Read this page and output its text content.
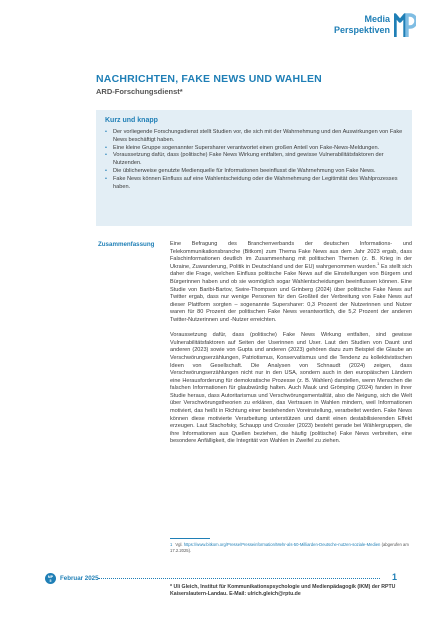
Media
Perspektiven
NACHRICHTEN, FAKE NEWS UND WAHLEN
ARD-Forschungsdienst*
Kurz und knapp
• Der vorliegende Forschungsdienst stellt Studien vor, die sich mit der Wahrnehmung und den Auswirkungen von Fake News beschäftigt haben.
• Eine kleine Gruppe sogenannter Supersharer verantwortet einen großen Anteil von Fake-News-Meldungen.
• Voraussetzung dafür, dass (politische) Fake News Wirkung entfalten, sind gewisse Vulnerabilitätsfaktoren der Nutzenden.
• Die üblicherweise genutzte Medienquelle für Informationen beeinflusst die Wahrnehmung von Fake News.
• Fake News können Einfluss auf eine Wahlentscheidung oder die Wahrnehmung der Legitimität des Wahlprozesses haben.
Zusammenfassung	Eine Befragung des Branchenverbands der deutschen Informations- und Telekommunikationsbranche (Bitkom) zum Thema Fake News aus dem Jahr 2023 ergab, dass Falschinformationen deutlich im Zusammenhang mit politischen Themen (z. B. Krieg in der Ukraine, Zuwanderung, Politik in Deutschland und der EU) wahrgenommen wurden.$^1$ Es stellt sich daher die Frage, welchen Einfluss politische Fake News auf die Einstellungen von Bürgern und Bürgerinnen haben und ob sie womöglich sogar Wahlentscheidungen beeinflussen können. Eine Studie von Baribi-Bartov, Swire-Thompson und Grinberg (2024) über politische Fake News auf Twitter ergab, dass nur wenige Personen für den Großteil der Verbreitung von Fake News auf dieser Plattform sorgten – sogenannte Supersharer: 0,3 Prozent der Nutzerinnen und Nutzer waren für 80 Prozent der politischen Fake News verantwortlich, die 5,2 Prozent der anderen Twitter-Nutzerinnen und -Nutzer erreichten.

Voraussetzung dafür, dass (politische) Fake News Wirkung entfalten, sind gewisse Vulnerabilitätsfaktoren auf Seiten der Userinnen und User. Laut den Studien von Daunt und anderen (2023) sowie von Gupta und anderen (2023) gehören dazu zum Beispiel die Glaube an Verschwörungserzählungen, Patriotismus, Konservatismus und die Tendenz zu kollektivistischen Ideen von Gesellschaft. Die Analysen von Schnaudt (2024) zeigen, dass Verschwörungserzählungen nicht nur in den USA, sondern auch in den europäischen Ländern eine Herausforderung für demokratische Prozesse (z. B. Wahlen) darstellen, wenn Menschen die falschen Informationen für glaubwürdig halten. Auch Mauk und Grömping (2024) fanden in ihrer Studie heraus, dass Autoritarismus und Verschwörungsmentalität, also die Neigung, sich die Welt über Verschwörungstheorien zu erklären, das Vertrauen in Wahlen mindern, weil Informationen motiviert, das heißt in Richtung einer bestehenden Voreinstellung, verarbeitet werden. Fake News können diese motivierte Verarbeitung unterstützen und damit einen destabilisierenden Effekt erzeugen. Laut Stachofsky, Schaupp und Crossler (2023) besteht gerade bei Wählergruppen, die ihre Informationen aus Quellen beziehen, die häufig (politische) Fake News verbreiten, eine besondere Anfälligkeit, die Integrität von Wahlen in Zweifel zu ziehen.

1 Vgl. https://www.bitkom.org/Presse/Presseinformation/Mehr-als-50-Milliarden-Deutsche-nutzen-soziale-Medien (abgerufen am 17.2.2025).
MP
5	Februar 2025	1
* Uli Gleich, Institut für Kommunikationspsychologie und Medienpädagogik (IKM) der RPTU Kaiserslautern-Landau. E-Mail: ulrich.gleich@rptu.de
